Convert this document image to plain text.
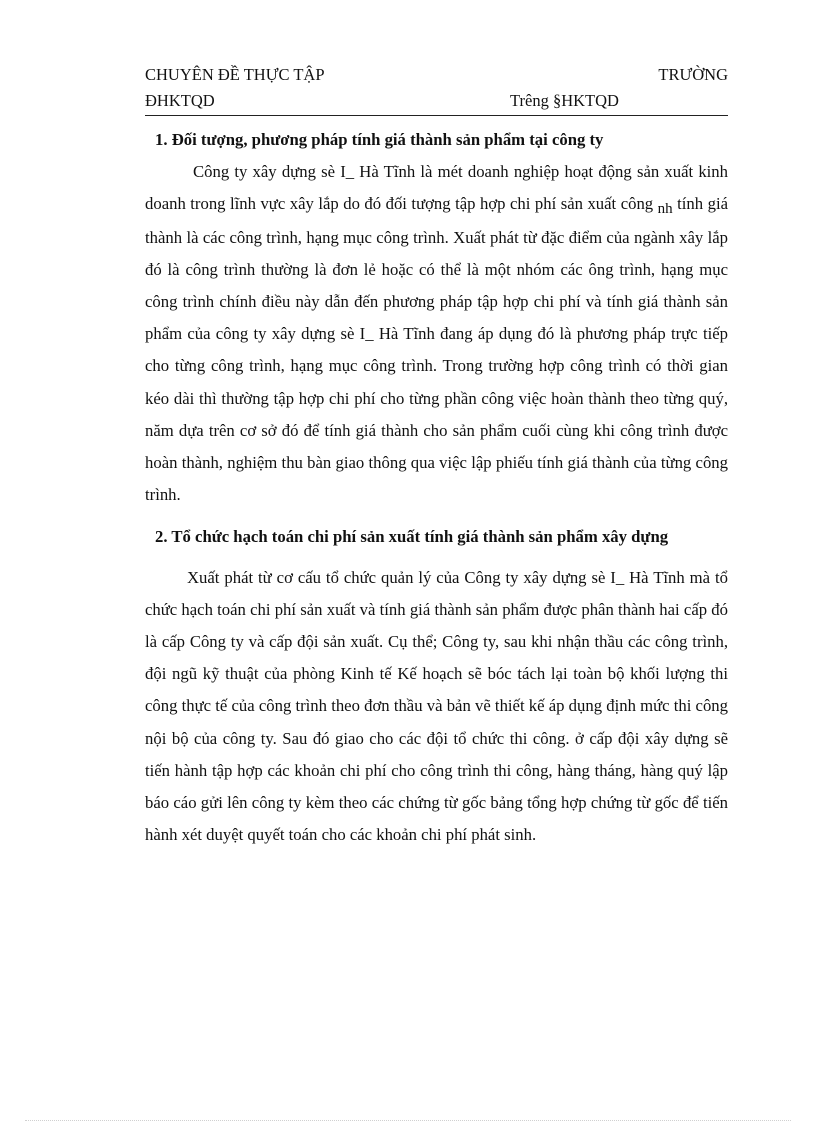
CHUYÊN ĐỀ THỰC TẬP	TRƯỜNG
ĐHKTQD	Trêng §HKTQD

1. Đối tượng, phương pháp tính giá thành sản phẩm tại công ty

Công ty xây dựng sè I_ Hà Tĩnh là mét doanh nghiệp hoạt động sản xuất kinh doanh trong lĩnh vực xây lắp do đó đối tượng tập hợp chi phí sản xuất công nh tính giá thành là các công trình, hạng mục công trình. Xuất phát từ đặc điểm của ngành xây lắp đó là công trình thường là đơn lẻ hoặc có thể là một nhóm các ông trình, hạng mục công trình chính điều này dẫn đến phương pháp tập hợp chi phí và tính giá thành sản phẩm của công ty xây dựng sè I_ Hà Tĩnh đang áp dụng đó là phương pháp trực tiếp cho từng công trình, hạng mục công trình. Trong trường hợp công trình có thời gian kéo dài thì thường tập hợp chi phí cho từng phần công việc hoàn thành theo từng quý, năm dựa trên cơ sở đó để tính giá thành cho sản phẩm cuối cùng khi công trình được hoàn thành, nghiệm thu bàn giao thông qua việc lập phiếu tính giá thành của từng công trình.

2. Tổ chức hạch toán chi phí sản xuất tính giá thành sản phẩm xây dựng

Xuất phát từ cơ cấu tổ chức quản lý của Công ty xây dựng sè I_ Hà Tĩnh mà tổ chức hạch toán chi phí sản xuất và tính giá thành sản phẩm được phân thành hai cấp đó là cấp Công ty và cấp đội sản xuất. Cụ thể; Công ty, sau khi nhận thầu các công trình, đội ngũ kỹ thuật của phòng Kinh tế Kế hoạch sẽ bóc tách lại toàn bộ khối lượng thi công thực tế của công trình theo đơn thầu và bản vẽ thiết kế áp dụng định mức thi công nội bộ của công ty. Sau đó giao cho các đội tổ chức thi công. ở cấp đội xây dựng sẽ tiến hành tập hợp các khoản chi phí cho công trình thi công, hàng tháng, hàng quý lập báo cáo gửi lên công ty kèm theo các chứng từ gốc bảng tổng hợp chứng từ gốc để tiến hành xét duyệt quyết toán cho các khoản chi phí phát sinh.
